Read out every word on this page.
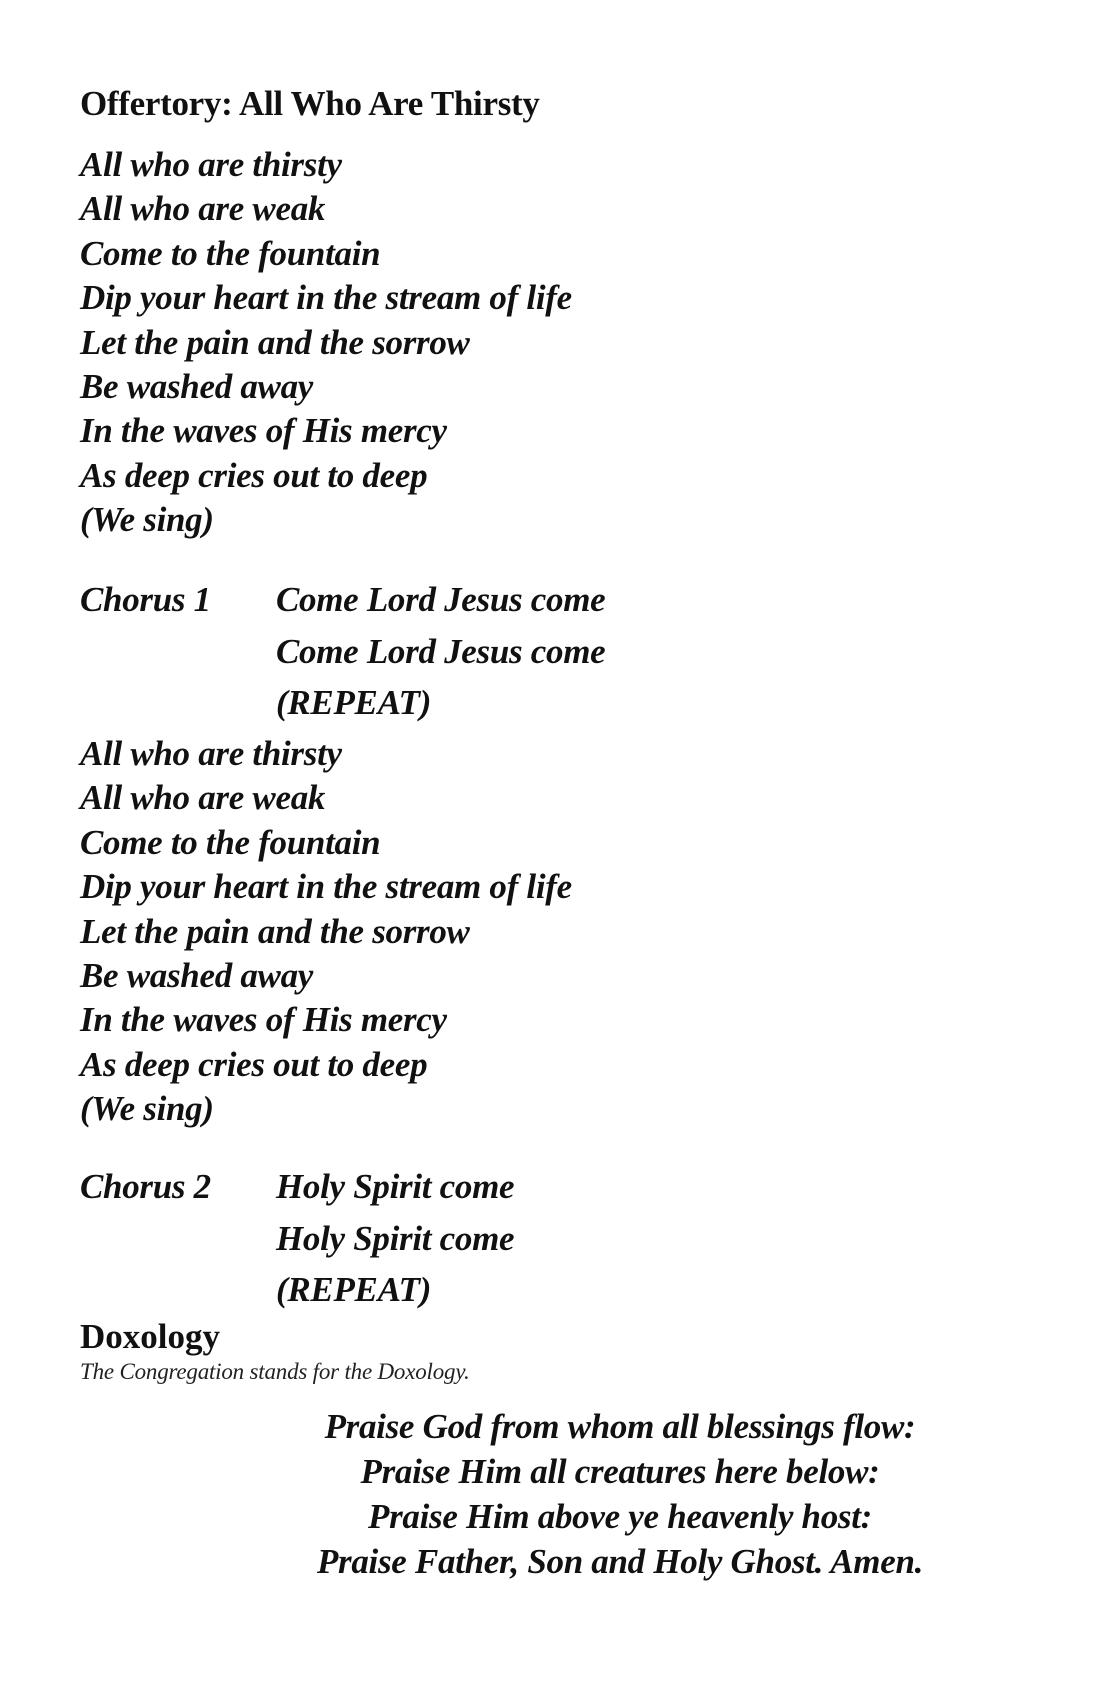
Offertory: All Who Are Thirsty
All who are thirsty
All who are weak
Come to the fountain
Dip your heart in the stream of life
Let the pain and the sorrow
Be washed away
In the waves of His mercy
As deep cries out to deep
(We sing)
Chorus 1 Come Lord Jesus come
Come Lord Jesus come
(REPEAT)
All who are thirsty
All who are weak
Come to the fountain
Dip your heart in the stream of life
Let the pain and the sorrow
Be washed away
In the waves of His mercy
As deep cries out to deep
(We sing)
Chorus 2 Holy Spirit come
Holy Spirit come
(REPEAT)
Doxology
The Congregation stands for the Doxology.
Praise God from whom all blessings flow:
Praise Him all creatures here below:
Praise Him above ye heavenly host:
Praise Father, Son and Holy Ghost. Amen.
